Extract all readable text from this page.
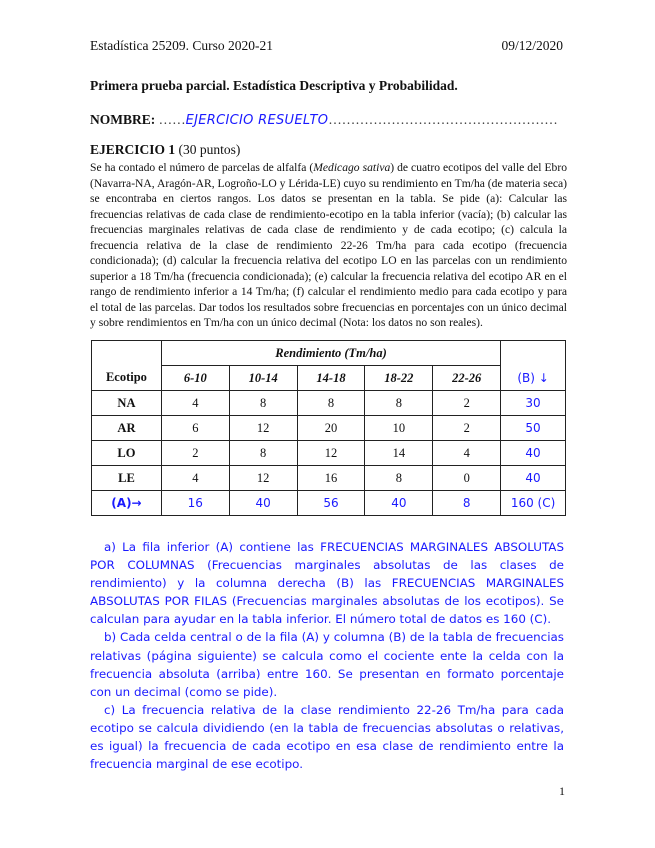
Estadística 25209. Curso 2020-21	09/12/2020
Primera prueba parcial. Estadística Descriptiva y Probabilidad.
NOMBRE: ……EJERCICIO RESUELTO……………………………………………
EJERCICIO 1 (30 puntos)

Se ha contado el número de parcelas de alfalfa (Medicago sativa) de cuatro ecotipos del valle del Ebro (Navarra-NA, Aragón-AR, Logroño-LO y Lérida-LE) cuyo su rendimiento en Tm/ha (de materia seca) se encontraba en ciertos rangos. Los datos se presentan en la tabla. Se pide (a): Calcular las frecuencias relativas de cada clase de rendimiento-ecotipo en la tabla inferior (vacía); (b) calcular las frecuencias marginales relativas de cada clase de rendimiento y de cada ecotipo; (c) calcula la frecuencia relativa de la clase de rendimiento 22-26 Tm/ha para cada ecotipo (frecuencia condicionada); (d) calcular la frecuencia relativa del ecotipo LO en las parcelas con un rendimiento superior a 18 Tm/ha (frecuencia condicionada); (e) calcular la frecuencia relativa del ecotipo AR en el rango de rendimiento inferior a 14 Tm/ha; (f) calcular el rendimiento medio para cada ecotipo y para el total de las parcelas. Dar todos los resultados sobre frecuencias en porcentajes con un único decimal y sobre rendimientos en Tm/ha con un único decimal (Nota: los datos no son reales).

	Rendimiento (Tm/ha)					
Ecotipo	6-10	10-14	14-18	18-22	22-26	(B) ↓
NA	4	8	8	8	2	30
AR	6	12	20	10	2	50
LO	2	8	12	14	4	40
LE	4	12	16	8	0	40
(A)→	16	40	56	40	8	160 (C)

a) La fila inferior (A) contiene las FRECUENCIAS MARGINALES ABSOLUTAS POR COLUMNAS (Frecuencias marginales absolutas de las clases de rendimiento) y la columna derecha (B) las FRECUENCIAS MARGINALES ABSOLUTAS POR FILAS (Frecuencias marginales absolutas de los ecotipos). Se calculan para ayudar en la tabla inferior. El número total de datos es 160 (C).

b) Cada celda central o de la fila (A) y columna (B) de la tabla de frecuencias relativas (página siguiente) se calcula como el cociente ente la celda con la frecuencia absoluta (arriba) entre 160. Se presentan en formato porcentaje con un decimal (como se pide).

c) La frecuencia relativa de la clase rendimiento 22-26 Tm/ha para cada ecotipo se calcula dividiendo (en la tabla de frecuencias absolutas o relativas, es igual) la frecuencia de cada ecotipo en esa clase de rendimiento entre la frecuencia marginal de ese ecotipo.

1
